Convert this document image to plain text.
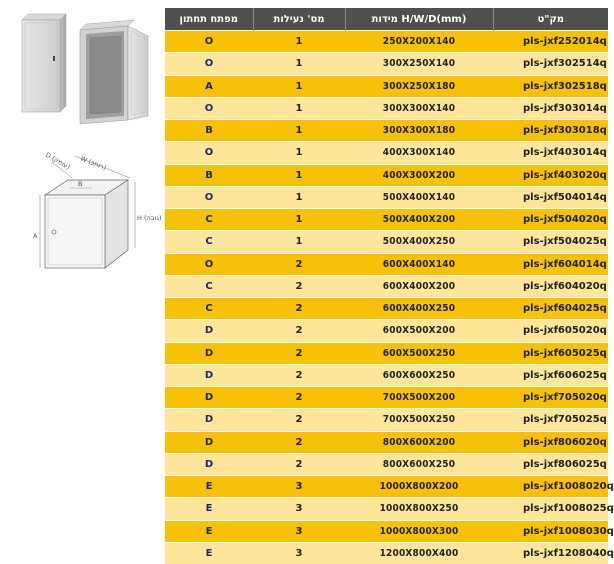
W (רוחב)
D (עומק)
H (גובה)
A
B
מפתח תחתון	מס' נעילות	H/W/D(mm) מידות	מק"ט
O	1	250X200X140	pls-jxf252014q
O	1	300X250X140	pls-jxf302514q
A	1	300X250X180	pls-jxf302518q
O	1	300X300X140	pls-jxf303014q
B	1	300X300X180	pls-jxf303018q
O	1	400X300X140	pls-jxf403014q
B	1	400X300X200	pls-jxf403020q
O	1	500X400X140	pls-jxf504014q
C	1	500X400X200	pls-jxf504020q
C	1	500X400X250	pls-jxf504025q
O	2	600X400X140	pls-jxf604014q
C	2	600X400X200	pls-jxf604020q
C	2	600X400X250	pls-jxf604025q
D	2	600X500X200	pls-jxf605020q
D	2	600X500X250	pls-jxf605025q
D	2	600X600X250	pls-jxf606025q
D	2	700X500X200	pls-jxf705020q
D	2	700X500X250	pls-jxf705025q
D	2	800X600X200	pls-jxf806020q
D	2	800X600X250	pls-jxf806025q
E	3	1000X800X200	pls-jxf1008020q
E	3	1000X800X250	pls-jxf1008025q
E	3	1000X800X300	pls-jxf1008030q
E	3	1200X800X400	pls-jxf1208040q
